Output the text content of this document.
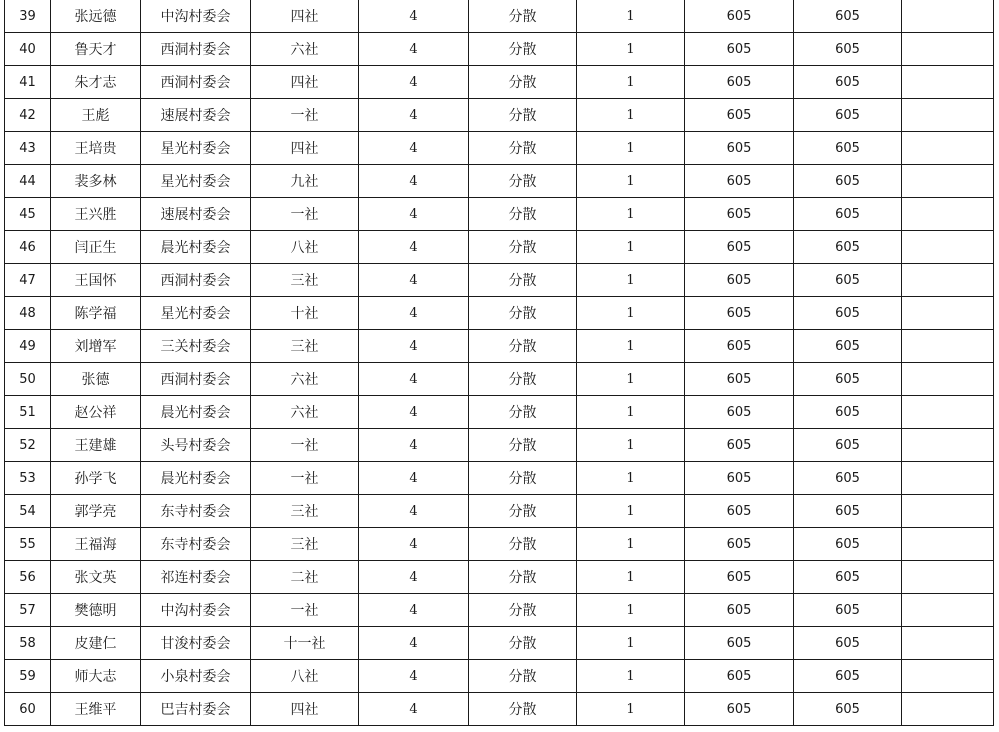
39	张远德	中沟村委会	四社	4	分散	1	605	605	
40	鲁天才	西洞村委会	六社	4	分散	1	605	605	
41	朱才志	西洞村委会	四社	4	分散	1	605	605	
42	王彪	速展村委会	一社	4	分散	1	605	605	
43	王培贵	星光村委会	四社	4	分散	1	605	605	
44	裴多林	星光村委会	九社	4	分散	1	605	605	
45	王兴胜	速展村委会	一社	4	分散	1	605	605	
46	闫正生	晨光村委会	八社	4	分散	1	605	605	
47	王国怀	西洞村委会	三社	4	分散	1	605	605	
48	陈学福	星光村委会	十社	4	分散	1	605	605	
49	刘增军	三关村委会	三社	4	分散	1	605	605	
50	张德	西洞村委会	六社	4	分散	1	605	605	
51	赵公祥	晨光村委会	六社	4	分散	1	605	605	
52	王建雄	头号村委会	一社	4	分散	1	605	605	
53	孙学飞	晨光村委会	一社	4	分散	1	605	605	
54	郭学亮	东寺村委会	三社	4	分散	1	605	605	
55	王福海	东寺村委会	三社	4	分散	1	605	605	
56	张文英	祁连村委会	二社	4	分散	1	605	605	
57	樊德明	中沟村委会	一社	4	分散	1	605	605	
58	皮建仁	甘浚村委会	十一社	4	分散	1	605	605	
59	师大志	小泉村委会	八社	4	分散	1	605	605	
60	王维平	巴吉村委会	四社	4	分散	1	605	605	
